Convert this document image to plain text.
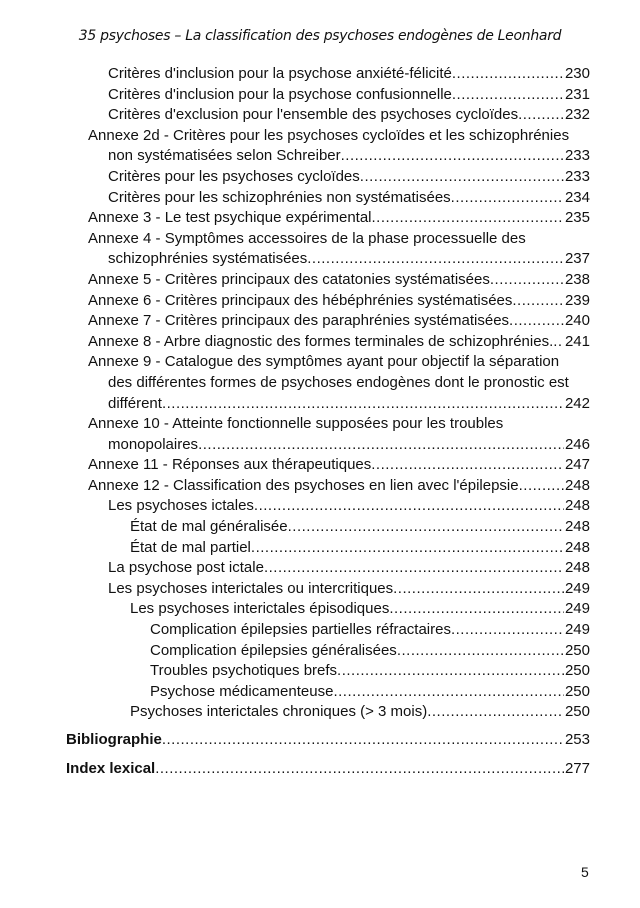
35 psychoses – La classification des psychoses endogènes de Leonhard
Critères d'inclusion pour la psychose anxiété-félicité .....	230
Critères d'inclusion pour la psychose confusionnelle .....	231
Critères d'exclusion pour l'ensemble des psychoses cycloïdes .....	232
Annexe 2d - Critères pour les psychoses cycloïdes et les schizophrénies
non systématisées selon Schreiber .....	233
Critères pour les psychoses cycloïdes .....	233
Critères pour les schizophrénies non systématisées .....	234
Annexe 3 - Le test psychique expérimental .....	235
Annexe 4 - Symptômes accessoires de la phase processuelle des
schizophrénies systématisées .....	237
Annexe 5 - Critères principaux des catatonies systématisées .....	238
Annexe 6 - Critères principaux des hébéphrénies systématisées .....	239
Annexe 7 - Critères principaux des paraphrénies systématisées .....	240
Annexe 8 - Arbre diagnostic des formes terminales de schizophrénies. ..... 241
Annexe 9 - Catalogue des symptômes ayant pour objectif la séparation
des différentes formes de psychoses endogènes dont le pronostic est
différent .....	242
Annexe 10 - Atteinte fonctionnelle supposées pour les troubles
monopolaires .....	246
Annexe 11 - Réponses aux thérapeutiques .....	247
Annexe 12 - Classification des psychoses en lien avec l'épilepsie .....	248
Les psychoses ictales .....	248
État de mal généralisée .....	248
État de mal partiel .....	248
La psychose post ictale .....	248
Les psychoses interictales ou intercritiques .....	249
Les psychoses interictales épisodiques .....	249
Complication épilepsies partielles réfractaires .....	249
Complication épilepsies généralisées .....	250
Troubles psychotiques brefs .....	250
Psychose médicamenteuse .....	250
Psychoses interictales chroniques (> 3 mois) .....	250
Bibliographie .....	253
Index lexical .....	277
5
